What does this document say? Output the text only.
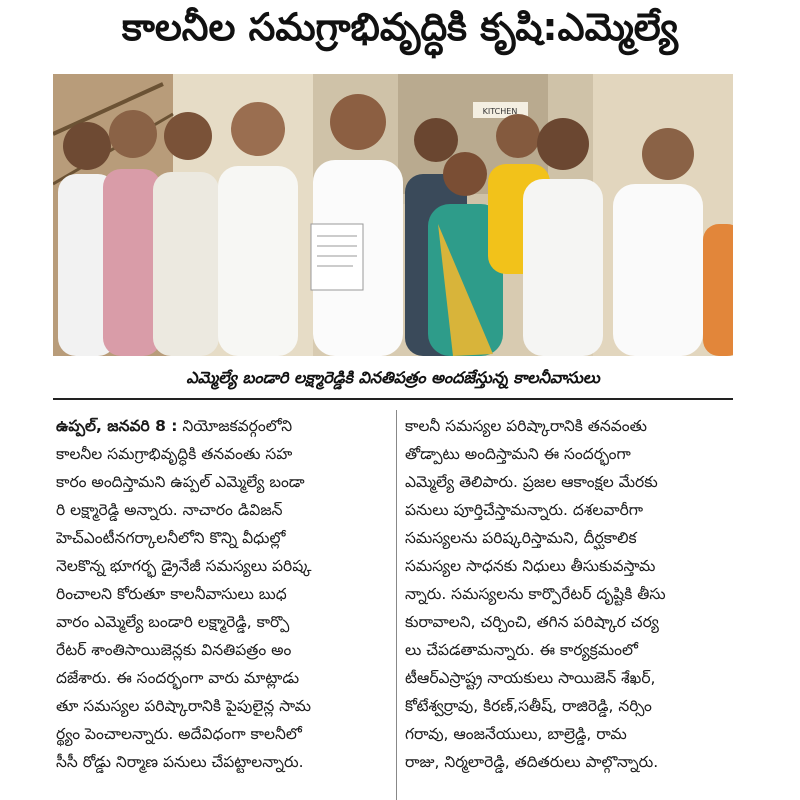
కాలనీల సమగ్రాభివృద్ధికి కృషి:ఎమ్మెల్యే
KITCHEN
ఎమ్మెల్యే బండారి లక్ష్మారెడ్డికి వినతిపత్రం అందజేస్తున్న కాలనీవాసులు
ఉప్పల్, జనవరి 8 : నియోజకవర్గంలోని
కాలనీల సమగ్రాభివృద్ధికి తనవంతు సహ
కారం అందిస్తామని ఉప్పల్ ఎమ్మెల్యే బండా
రి లక్ష్మారెడ్డి అన్నారు. నాచారం డివిజన్
హెచ్ఎంటీనగర్కాలనీలోని కొన్ని వీధుల్లో
నెలకొన్న భూగర్భ డ్రైనేజీ సమస్యలు పరిష్క
రించాలని కోరుతూ కాలనీవాసులు బుధ
వారం ఎమ్మెల్యే బండారి లక్ష్మారెడ్డి, కార్పొ
రేటర్ శాంతిసాయిజెన్లకు వినతిపత్రం అం
దజేశారు. ఈ సందర్భంగా వారు మాట్లాడు
తూ సమస్యల పరిష్కారానికి పైపులైన్ల సామ
ర్థ్యం పెంచాలన్నారు. అదేవిధంగా కాలనీలో
సీసీ రోడ్డు నిర్మాణ పనులు చేపట్టాలన్నారు.
కాలనీ సమస్యల పరిష్కారానికి తనవంతు
తోడ్పాటు అందిస్తామని ఈ సందర్భంగా
ఎమ్మెల్యే తెలిపారు. ప్రజల ఆకాంక్షల మేరకు
పనులు పూర్తిచేస్తామన్నారు. దశలవారీగా
సమస్యలను పరిష్కరిస్తామని, దీర్ఘకాలిక
సమస్యల సాధనకు నిధులు తీసుకువస్తామ
న్నారు. సమస్యలను కార్పొరేటర్ దృష్టికి తీసు
కురావాలని, చర్చించి, తగిన పరిష్కార చర్య
లు చేపడతామన్నారు. ఈ కార్యక్రమంలో
టీఆర్ఎస్రాష్ట్ర నాయకులు సాయిజెన్ శేఖర్,
కోటేశ్వర్రావు, కిరణ్,సతీష్, రాజిరెడ్డి, నర్సిం
గరావు, ఆంజనేయులు, బాల్రెడ్డి, రామ
రాజు, నిర్మలారెడ్డి, తదితరులు పాల్గొన్నారు.
